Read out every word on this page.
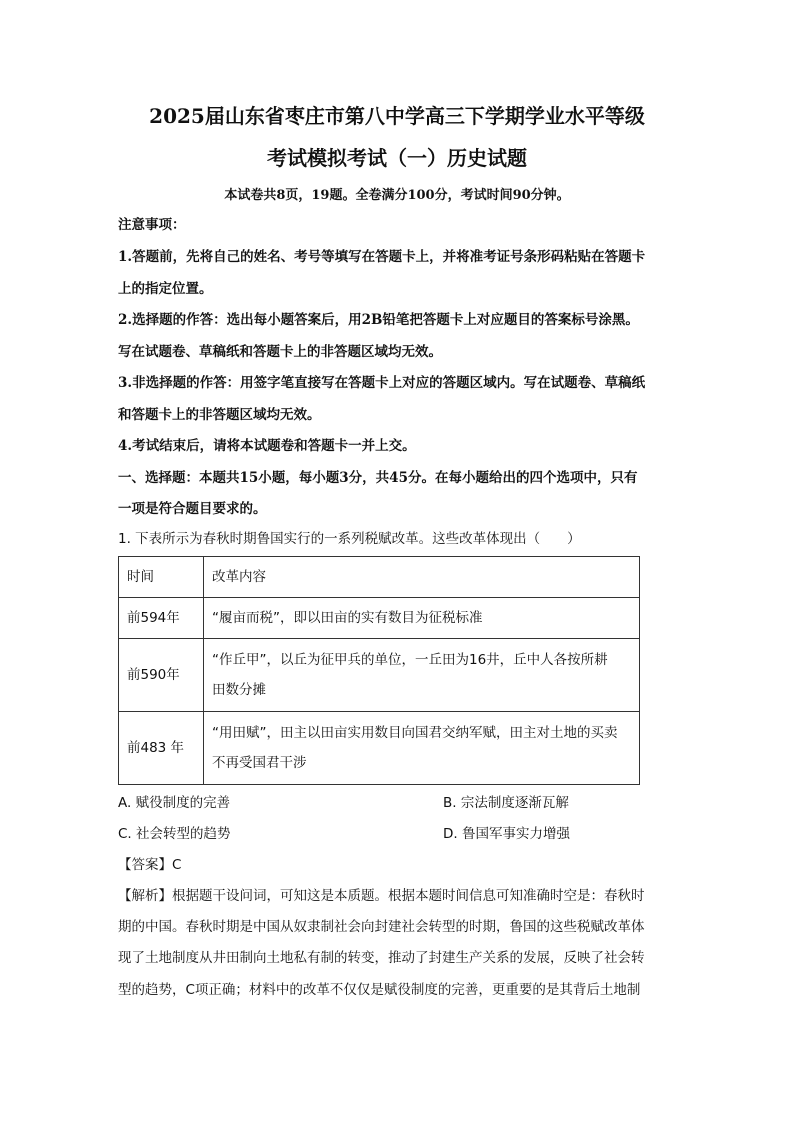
2025届山东省枣庄市第八中学高三下学期学业水平等级
考试模拟考试（一）历史试题
本试卷共8页，19题。全卷满分100分，考试时间90分钟。
注意事项：
1.答题前，先将自己的姓名、考号等填写在答题卡上，并将准考证号条形码粘贴在答题卡
上的指定位置。
2.选择题的作答：选出每小题答案后，用2B铅笔把答题卡上对应题目的答案标号涂黑。
写在试题卷、草稿纸和答题卡上的非答题区域均无效。
3.非选择题的作答：用签字笔直接写在答题卡上对应的答题区域内。写在试题卷、草稿纸
和答题卡上的非答题区域均无效。
4.考试结束后，请将本试题卷和答题卡一并上交。
一、选择题：本题共15小题，每小题3分，共45分。在每小题给出的四个选项中，只有
一项是符合题目要求的。
1. 下表所示为春秋时期鲁国实行的一系列税赋改革。这些改革体现出（　　）
时间	改革内容
前594年	“履亩而税”，即以田亩的实有数目为征税标准

前590年	“作丘甲”，以丘为征甲兵的单位，一丘田为16井，丘中人各按所耕
田数分摊

前483 年	“用田赋”，田主以田亩实用数目向国君交纳军赋，田主对土地的买卖
不再受国君干涉
A. 赋役制度的完善	B. 宗法制度逐渐瓦解
C. 社会转型的趋势	D. 鲁国军事实力增强
【答案】C
【解析】根据题干设问词，可知这是本质题。根据本题时间信息可知准确时空是：春秋时
期的中国。春秋时期是中国从奴隶制社会向封建社会转型的时期，鲁国的这些税赋改革体
现了土地制度从井田制向土地私有制的转变，推动了封建生产关系的发展，反映了社会转
型的趋势，C项正确；材料中的改革不仅仅是赋役制度的完善，更重要的是其背后土地制
